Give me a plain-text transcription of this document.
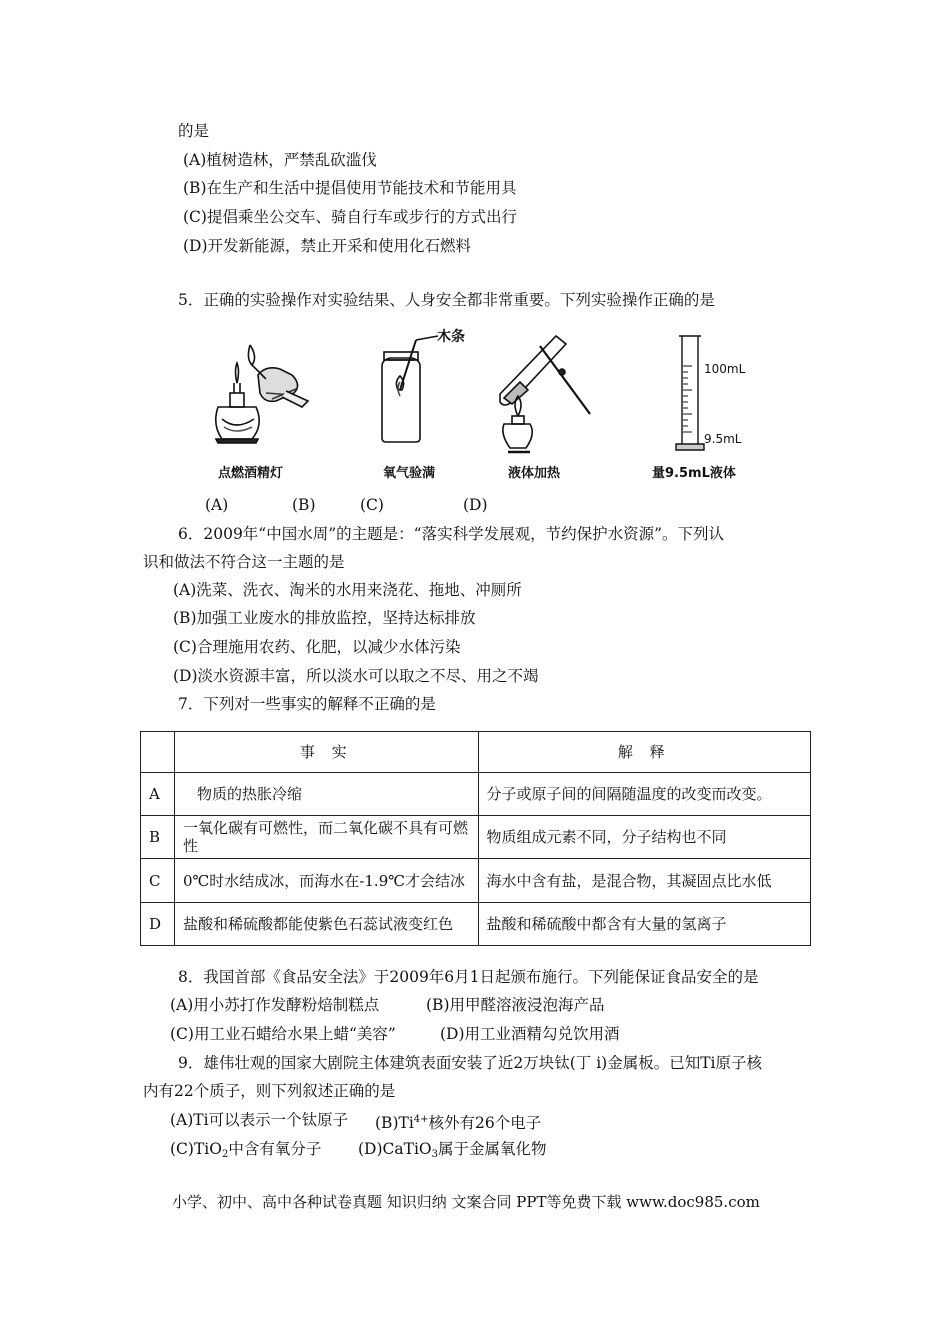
的是
(A)植树造林，严禁乱砍滥伐
(B)在生产和生活中提倡使用节能技术和节能用具
(C)提倡乘坐公交车、骑自行车或步行的方式出行
(D)开发新能源，禁止开采和使用化石燃料
5．正确的实验操作对实验结果、人身安全都非常重要。下列实验操作正确的是
点燃酒精灯
木条
氧气验满	液体加热
100mL
9.5mL
量9.5mL液体
(A)	(B)	(C)	(D)
6．2009年“中国水周”的主题是：“落实科学发展观，节约保护水资源”。下列认
识和做法不符合这一主题的是
(A)洗菜、洗衣、淘米的水用来浇花、拖地、冲厕所
(B)加强工业废水的排放监控，坚持达标排放
(C)合理施用农药、化肥，以减少水体污染
(D)淡水资源丰富，所以淡水可以取之不尽、用之不竭
7．下列对一些事实的解释不正确的是
	事 实	解 释
A	物质的热胀冷缩	分子或原子间的间隔随温度的改变而改变。
B	一氧化碳有可燃性，而二氧化碳不具有可燃性	物质组成元素不同，分子结构也不同
C	0℃时水结成冰，而海水在-1.9℃才会结冰	海水中含有盐，是混合物，其凝固点比水低
D	盐酸和稀硫酸都能使紫色石蕊试液变红色	盐酸和稀硫酸中都含有大量的氢离子
8．我国首部《食品安全法》于2009年6月1日起颁布施行。下列能保证食品安全的是
(A)用小苏打作发酵粉焙制糕点	(B)用甲醛溶液浸泡海产品
(C)用工业石蜡给水果上蜡“美容”	(D)用工业酒精勾兑饮用酒
9．雄伟壮观的国家大剧院主体建筑表面安装了近2万块钛(丁 i)金属板。已知Ti原子核
内有22个质子，则下列叙述正确的是
(A)Ti可以表示一个钛原子 $(B)Ti^{4+}$核外有26个电子
(C)TiO$_2$中含有氧分子 (D)CaTiO$_3$属于金属氧化物
小学、初中、高中各种试卷真题 知识归纳 文案合同 PPT等免费下载 www.doc985.com
